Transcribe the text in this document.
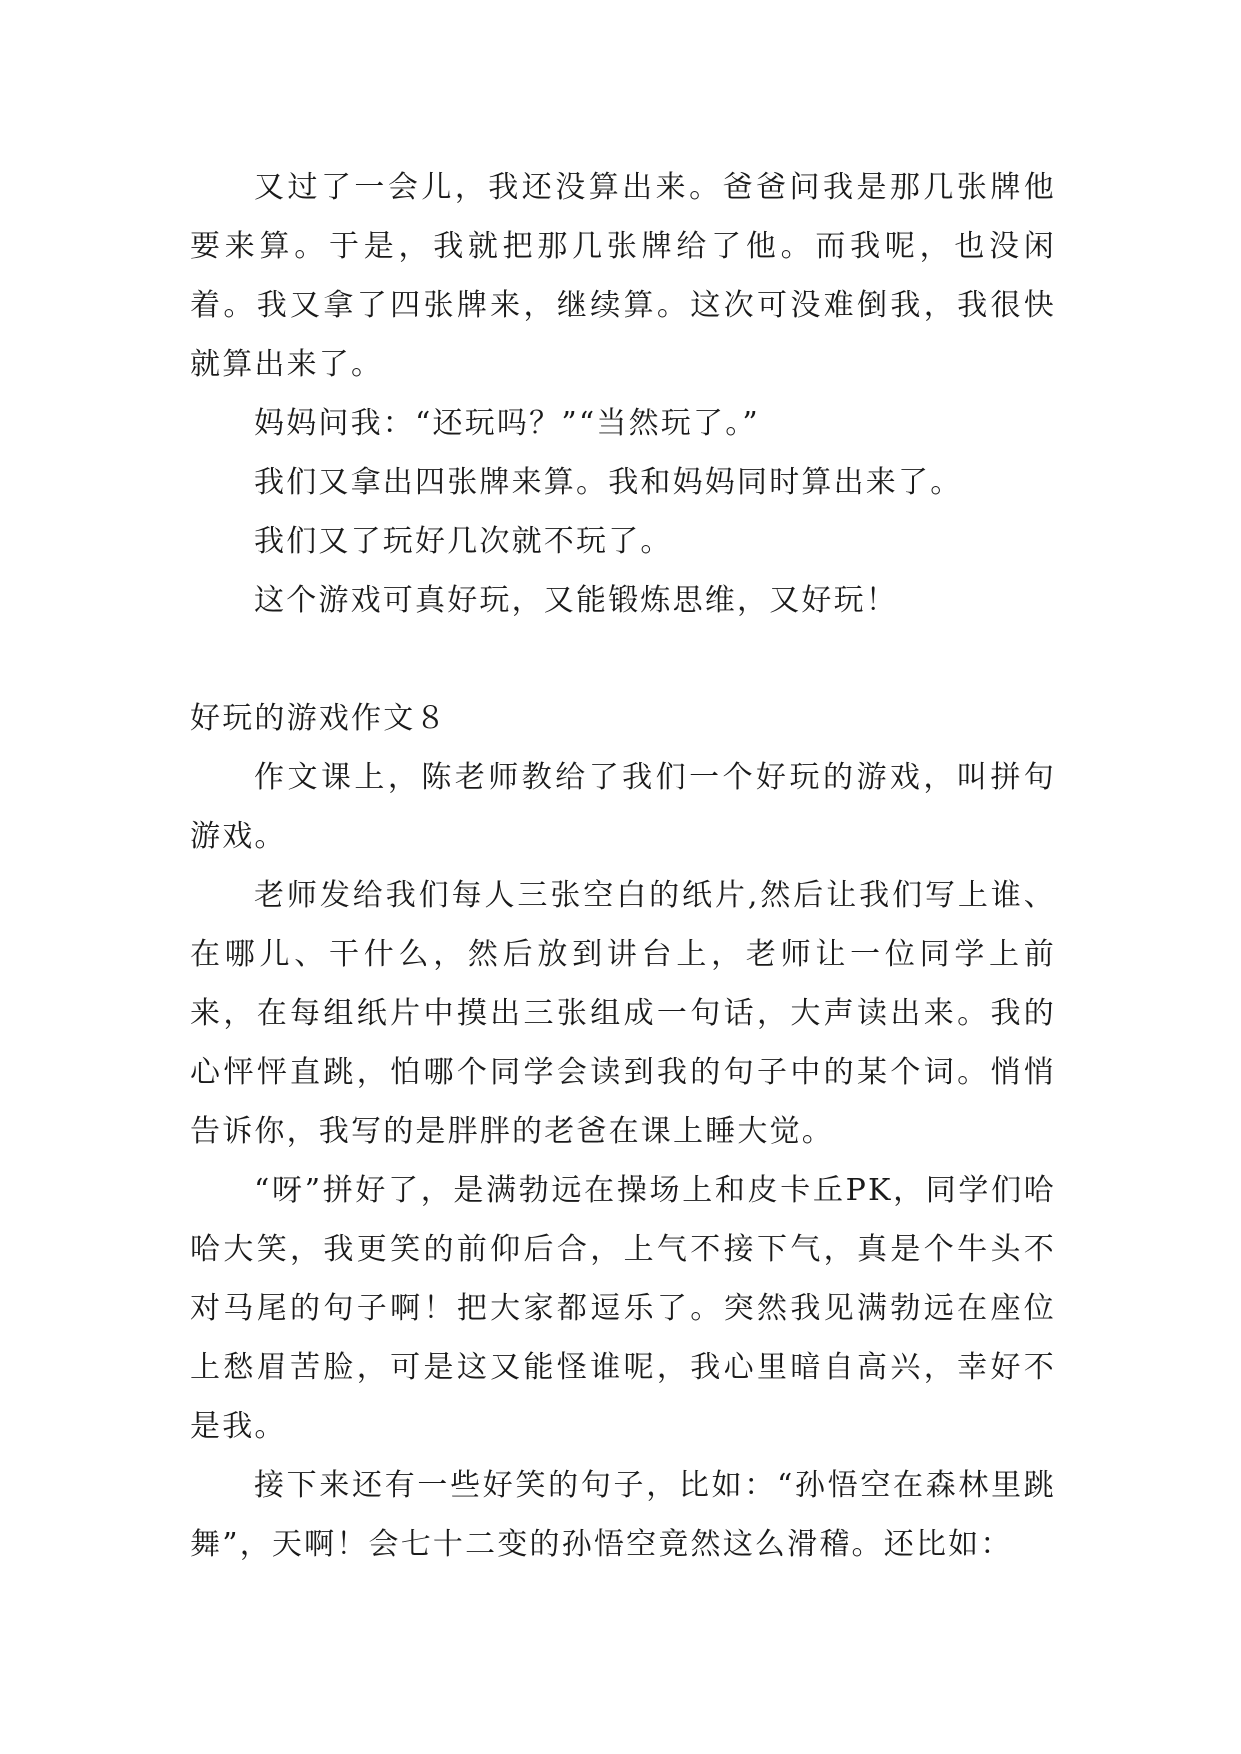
又过了一会儿，我还没算出来。爸爸问我是那几张牌他要来算。于是，我就把那几张牌给了他。而我呢，也没闲着。我又拿了四张牌来，继续算。这次可没难倒我，我很快就算出来了。

妈妈问我：“还玩吗？”“当然玩了。”

我们又拿出四张牌来算。我和妈妈同时算出来了。

我们又了玩好几次就不玩了。

这个游戏可真好玩，又能锻炼思维，又好玩！

好玩的游戏作文８

作文课上，陈老师教给了我们一个好玩的游戏，叫拼句游戏。

老师发给我们每人三张空白的纸片,然后让我们写上谁、在哪儿、干什么，然后放到讲台上，老师让一位同学上前来，在每组纸片中摸出三张组成一句话，大声读出来。我的心怦怦直跳，怕哪个同学会读到我的句子中的某个词。悄悄告诉你，我写的是胖胖的老爸在课上睡大觉。

“呀”拼好了，是满勃远在操场上和皮卡丘PK，同学们哈哈大笑，我更笑的前仰后合，上气不接下气，真是个牛头不对马尾的句子啊！把大家都逗乐了。突然我见满勃远在座位上愁眉苦脸，可是这又能怪谁呢，我心里暗自高兴，幸好不是我。

接下来还有一些好笑的句子，比如：“孙悟空在森林里跳舞”，天啊！会七十二变的孙悟空竟然这么滑稽。还比如：
